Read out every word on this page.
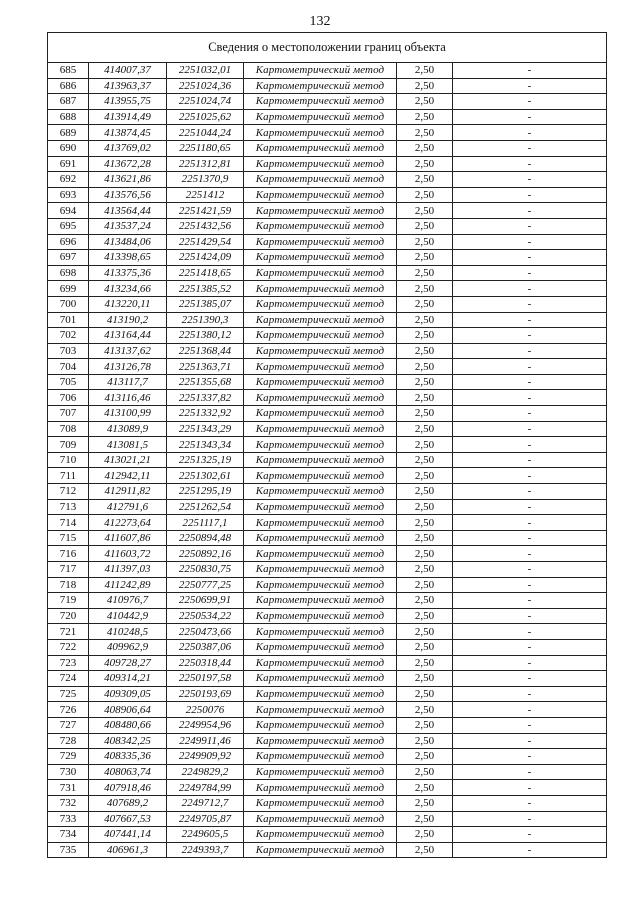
132
Сведения о местоположении границ объекта					
685	414007,37	2251032,01	Картометрический метод	2,50	-
686	413963,37	2251024,36	Картометрический метод	2,50	-
687	413955,75	2251024,74	Картометрический метод	2,50	-
688	413914,49	2251025,62	Картометрический метод	2,50	-
689	413874,45	2251044,24	Картометрический метод	2,50	-
690	413769,02	2251180,65	Картометрический метод	2,50	-
691	413672,28	2251312,81	Картометрический метод	2,50	-
692	413621,86	2251370,9	Картометрический метод	2,50	-
693	413576,56	2251412	Картометрический метод	2,50	-
694	413564,44	2251421,59	Картометрический метод	2,50	-
695	413537,24	2251432,56	Картометрический метод	2,50	-
696	413484,06	2251429,54	Картометрический метод	2,50	-
697	413398,65	2251424,09	Картометрический метод	2,50	-
698	413375,36	2251418,65	Картометрический метод	2,50	-
699	413234,66	2251385,52	Картометрический метод	2,50	-
700	413220,11	2251385,07	Картометрический метод	2,50	-
701	413190,2	2251390,3	Картометрический метод	2,50	-
702	413164,44	2251380,12	Картометрический метод	2,50	-
703	413137,62	2251368,44	Картометрический метод	2,50	-
704	413126,78	2251363,71	Картометрический метод	2,50	-
705	413117,7	2251355,68	Картометрический метод	2,50	-
706	413116,46	2251337,82	Картометрический метод	2,50	-
707	413100,99	2251332,92	Картометрический метод	2,50	-
708	413089,9	2251343,29	Картометрический метод	2,50	-
709	413081,5	2251343,34	Картометрический метод	2,50	-
710	413021,21	2251325,19	Картометрический метод	2,50	-
711	412942,11	2251302,61	Картометрический метод	2,50	-
712	412911,82	2251295,19	Картометрический метод	2,50	-
713	412791,6	2251262,54	Картометрический метод	2,50	-
714	412273,64	2251117,1	Картометрический метод	2,50	-
715	411607,86	2250894,48	Картометрический метод	2,50	-
716	411603,72	2250892,16	Картометрический метод	2,50	-
717	411397,03	2250830,75	Картометрический метод	2,50	-
718	411242,89	2250777,25	Картометрический метод	2,50	-
719	410976,7	2250699,91	Картометрический метод	2,50	-
720	410442,9	2250534,22	Картометрический метод	2,50	-
721	410248,5	2250473,66	Картометрический метод	2,50	-
722	409962,9	2250387,06	Картометрический метод	2,50	-
723	409728,27	2250318,44	Картометрический метод	2,50	-
724	409314,21	2250197,58	Картометрический метод	2,50	-
725	409309,05	2250193,69	Картометрический метод	2,50	-
726	408906,64	2250076	Картометрический метод	2,50	-
727	408480,66	2249954,96	Картометрический метод	2,50	-
728	408342,25	2249911,46	Картометрический метод	2,50	-
729	408335,36	2249909,92	Картометрический метод	2,50	-
730	408063,74	2249829,2	Картометрический метод	2,50	-
731	407918,46	2249784,99	Картометрический метод	2,50	-
732	407689,2	2249712,7	Картометрический метод	2,50	-
733	407667,53	2249705,87	Картометрический метод	2,50	-
734	407441,14	2249605,5	Картометрический метод	2,50	-
735	406961,3	2249393,7	Картометрический метод	2,50	-
